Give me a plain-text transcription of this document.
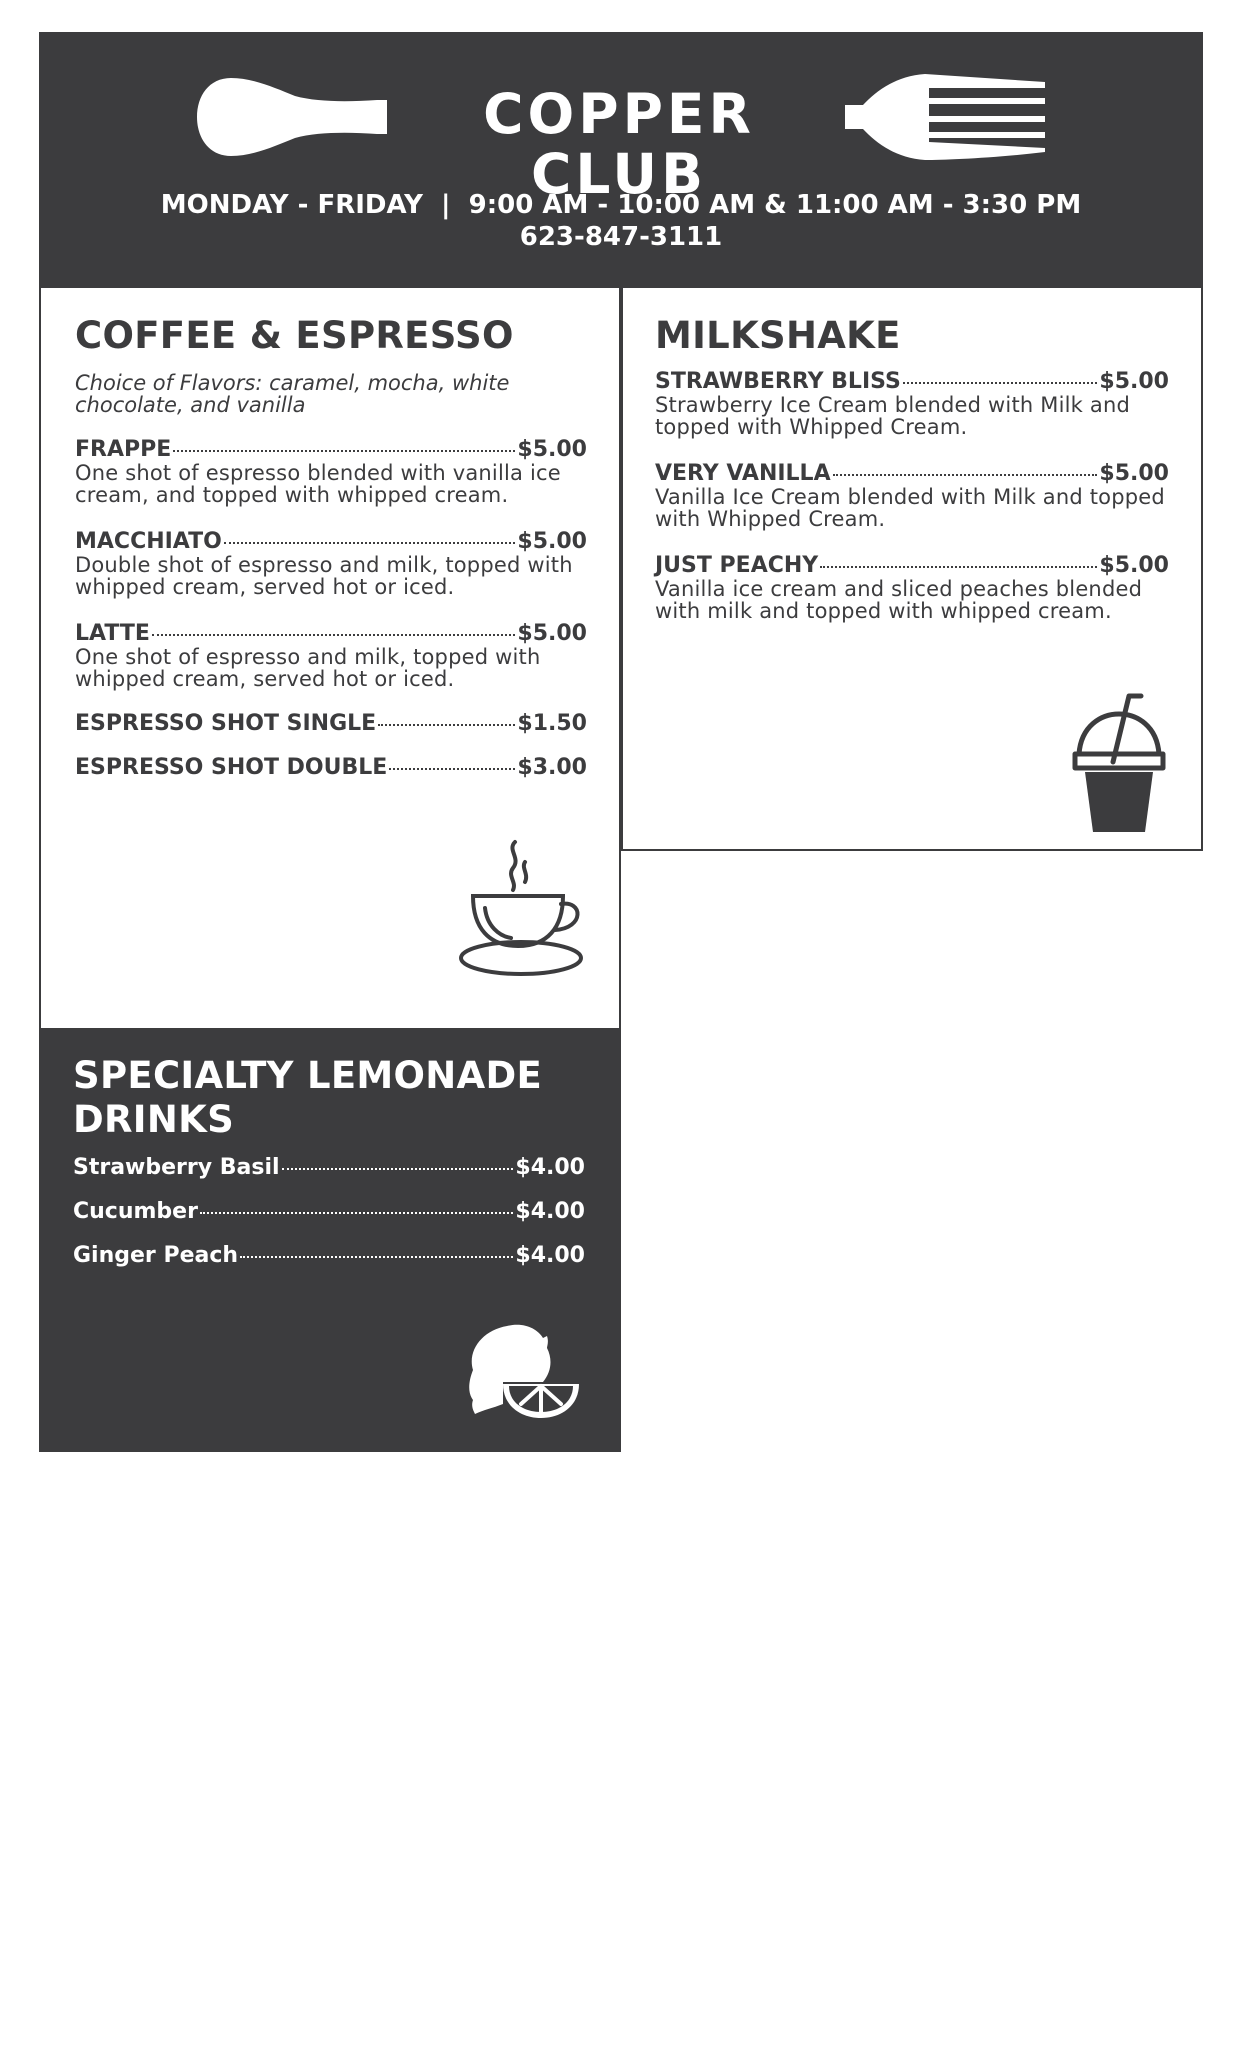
COPPER CLUB
MONDAY - FRIDAY  |  9:00 AM - 10:00 AM & 11:00 AM - 3:30 PM
623-847-3111
COFFEE & ESPRESSO
Choice of Flavors: caramel, mocha, white chocolate, and vanilla
FRAPPE	$5.00
One shot of espresso blended with vanilla ice cream, and topped with whipped cream.
MACCHIATO	$5.00
Double shot of espresso and milk, topped with whipped cream, served hot or iced.
LATTE	$5.00
One shot of espresso and milk, topped with whipped cream, served hot or iced.
ESPRESSO SHOT SINGLE	$1.50
ESPRESSO SHOT DOUBLE	$3.00
MILKSHAKE
STRAWBERRY BLISS	$5.00
Strawberry Ice Cream blended with Milk and topped with Whipped Cream.
VERY VANILLA	$5.00
Vanilla Ice Cream blended with Milk and topped with Whipped Cream.
JUST PEACHY	$5.00
Vanilla ice cream and sliced peaches blended with milk and topped with whipped cream.
SPECIALTY LEMONADE DRINKS
Strawberry Basil	$4.00
Cucumber	$4.00
Ginger Peach	$4.00
